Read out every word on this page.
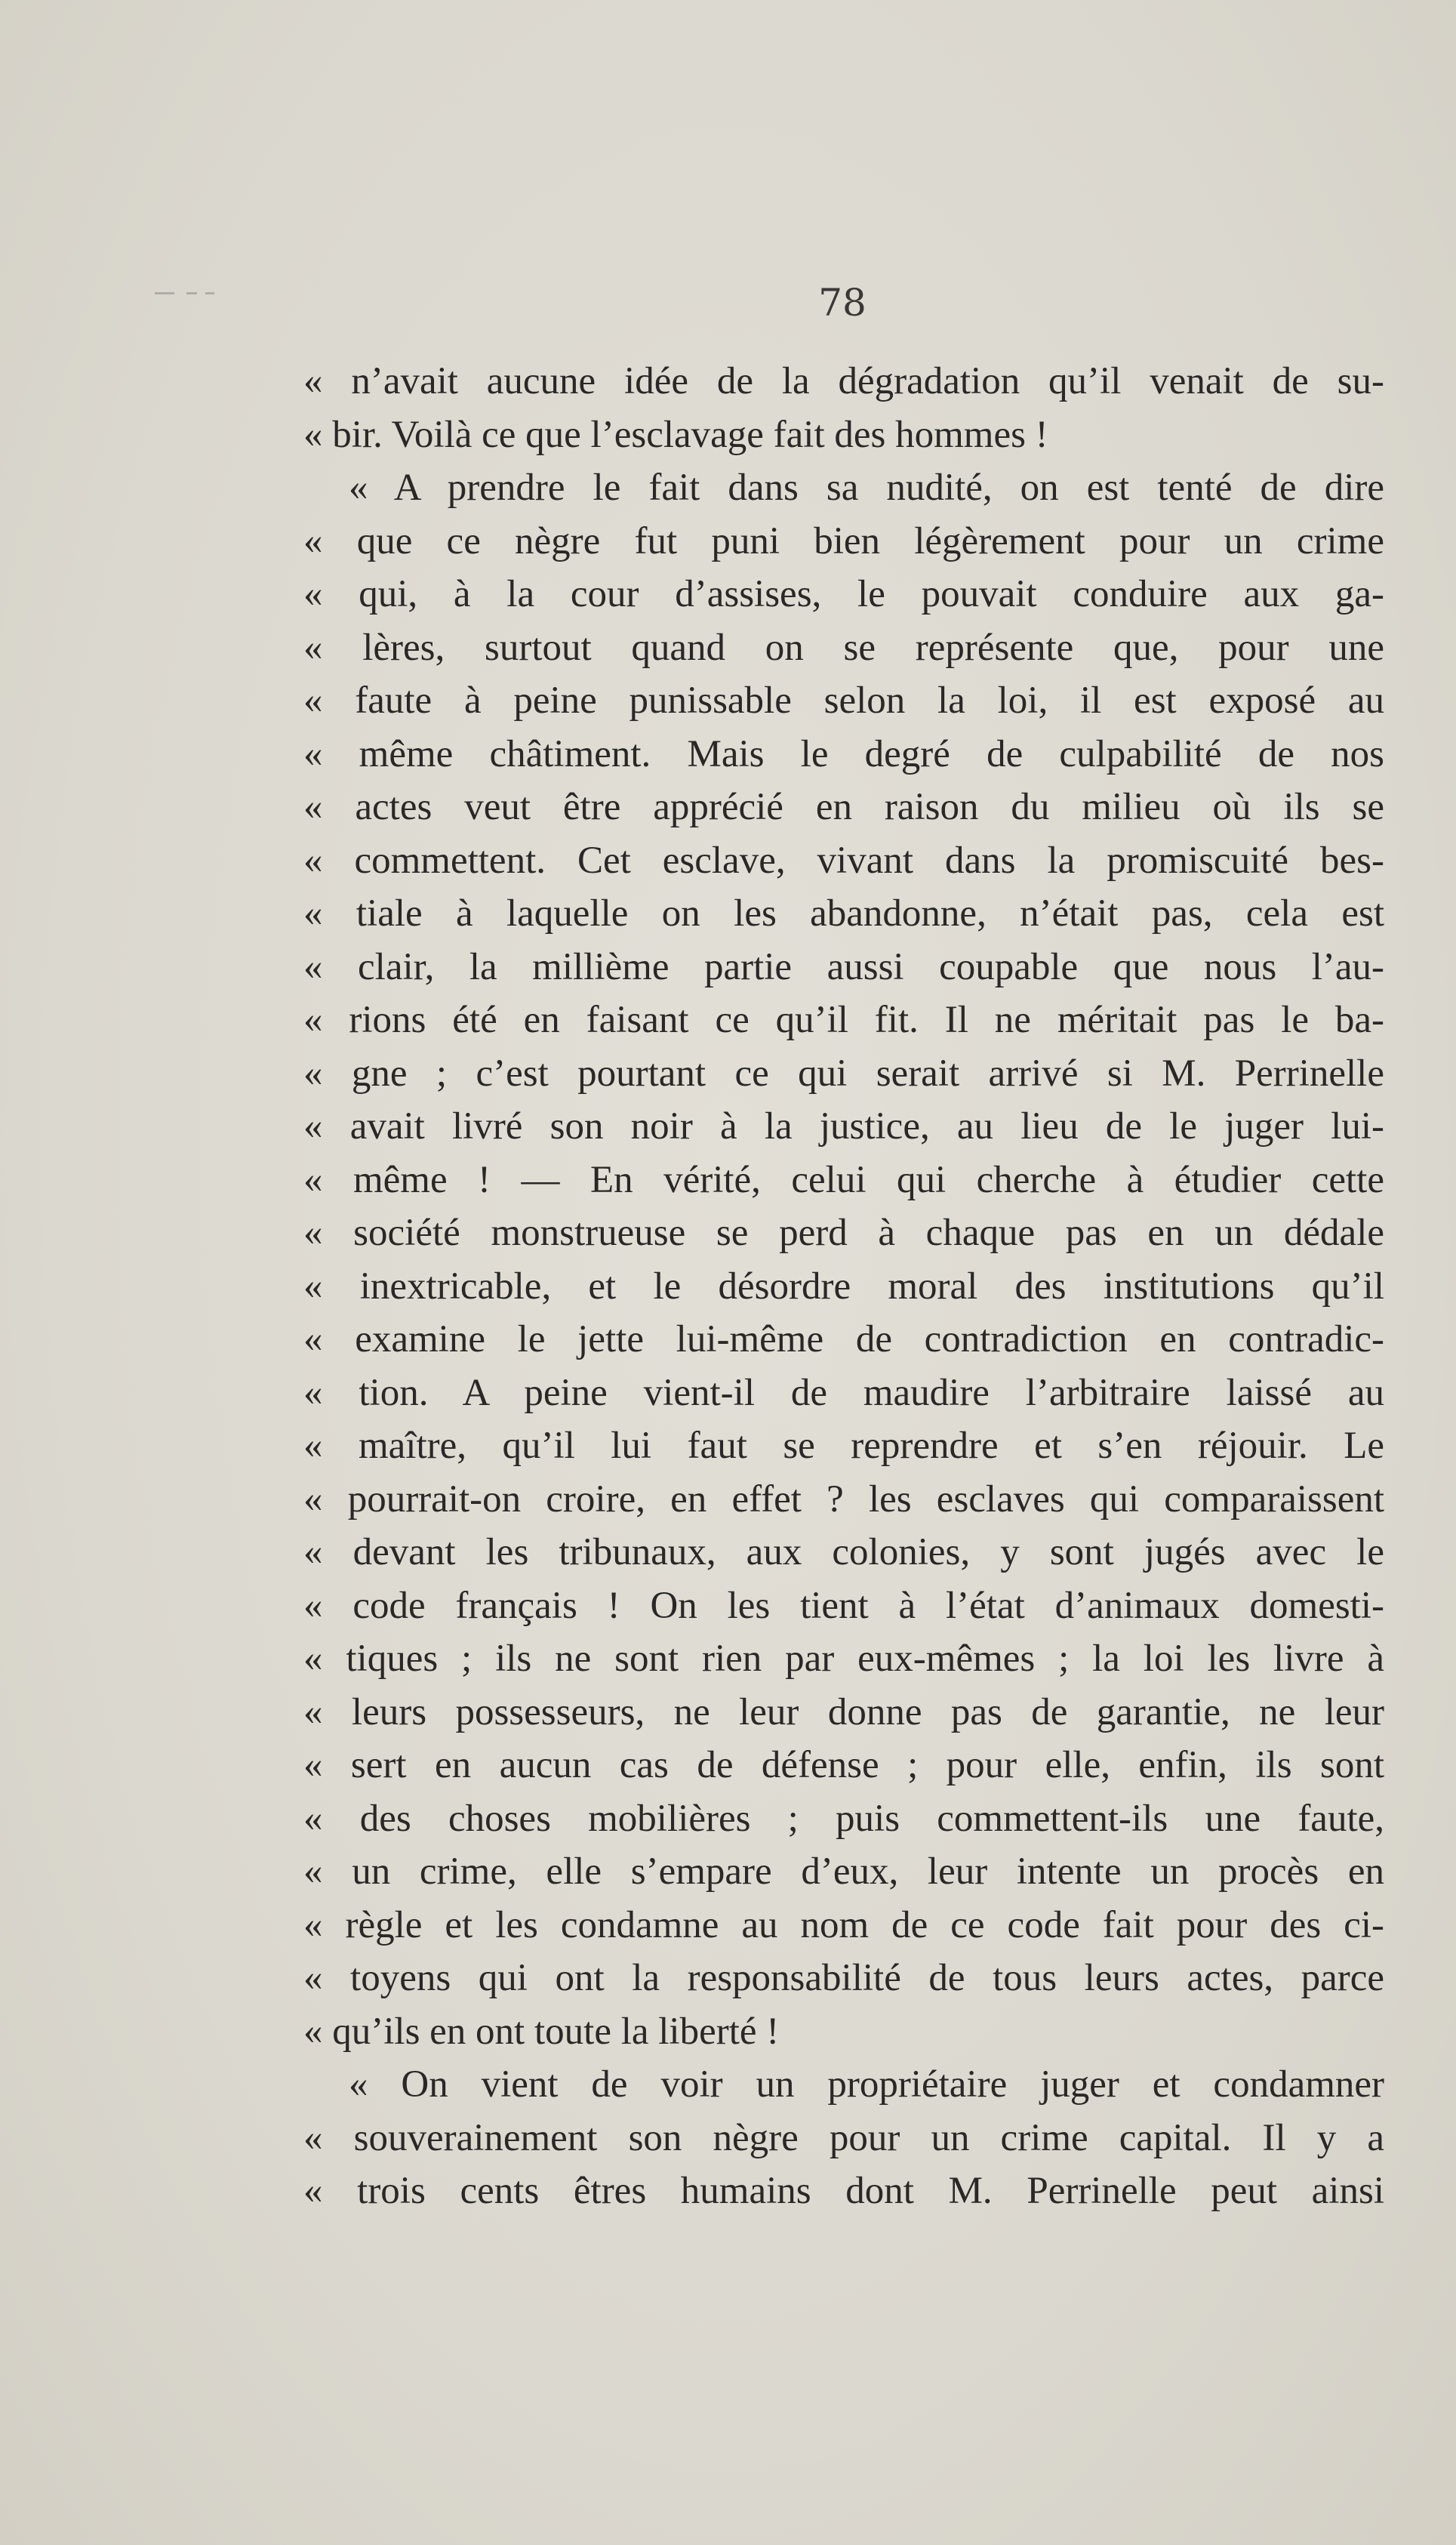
78
« n’avait aucune idée de la dégradation qu’il venait de su-
« bir. Voilà ce que l’esclavage fait des hommes !
« A prendre le fait dans sa nudité, on est tenté de dire
« que ce nègre fut puni bien légèrement pour un crime
« qui, à la cour d’assises, le pouvait conduire aux ga-
« lères, surtout quand on se représente que, pour une
« faute à peine punissable selon la loi, il est exposé au
« même châtiment. Mais le degré de culpabilité de nos
« actes veut être apprécié en raison du milieu où ils se
« commettent. Cet esclave, vivant dans la promiscuité bes-
« tiale à laquelle on les abandonne, n’était pas, cela est
« clair, la millième partie aussi coupable que nous l’au-
« rions été en faisant ce qu’il fit. Il ne méritait pas le ba-
« gne ; c’est pourtant ce qui serait arrivé si M. Perrinelle
« avait livré son noir à la justice, au lieu de le juger lui-
« même ! — En vérité, celui qui cherche à étudier cette
« société monstrueuse se perd à chaque pas en un dédale
« inextricable, et le désordre moral des institutions qu’il
« examine le jette lui-même de contradiction en contradic-
« tion. A peine vient-il de maudire l’arbitraire laissé au
« maître, qu’il lui faut se reprendre et s’en réjouir. Le
« pourrait-on croire, en effet ? les esclaves qui comparaissent
« devant les tribunaux, aux colonies, y sont jugés avec le
« code français ! On les tient à l’état d’animaux domesti-
« tiques ; ils ne sont rien par eux-mêmes ; la loi les livre à
« leurs possesseurs, ne leur donne pas de garantie, ne leur
« sert en aucun cas de défense ; pour elle, enfin, ils sont
« des choses mobilières ; puis commettent-ils une faute,
« un crime, elle s’empare d’eux, leur intente un procès en
« règle et les condamne au nom de ce code fait pour des ci-
« toyens qui ont la responsabilité de tous leurs actes, parce
« qu’ils en ont toute la liberté !
« On vient de voir un propriétaire juger et condamner
« souverainement son nègre pour un crime capital. Il y a
« trois cents êtres humains dont M. Perrinelle peut ainsi
